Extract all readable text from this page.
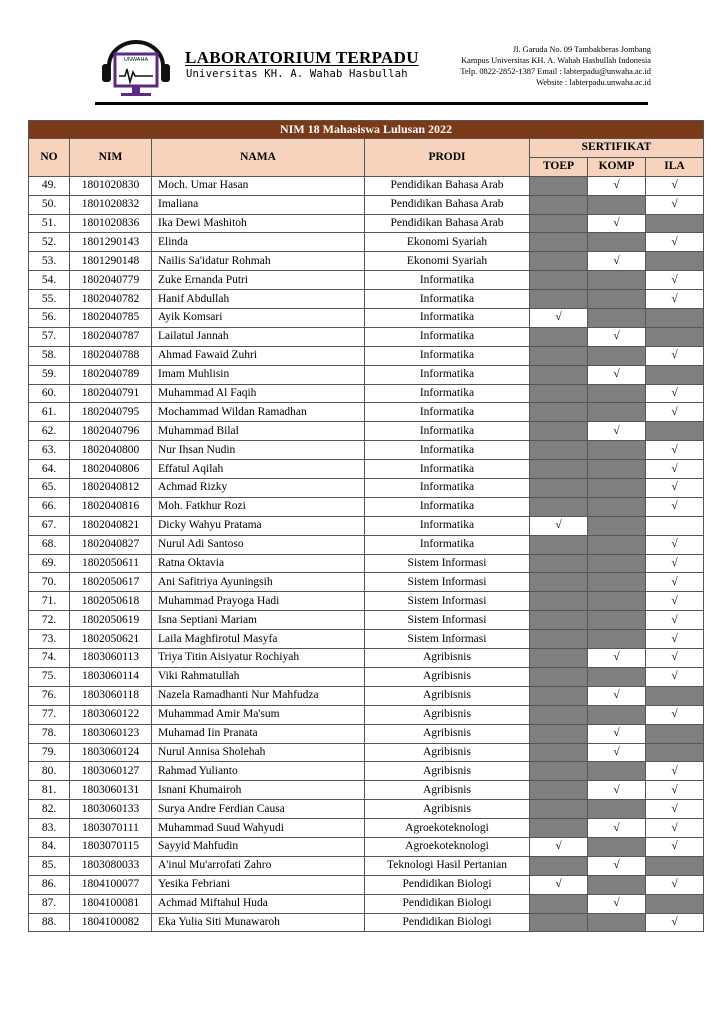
UNWAHA LABORATORIUM TERPADU
Universitas KH. A. Wahab Hasbullah
Jl. Garuda No. 09 Tambakberas Jombang
Kampus Universitas KH. A. Wahab Hasbullah Indonesia
Telp. 0822-2852-1387 Email : labterpadu@unwaha.ac.id
Website : labterpadu.unwaha.ac.id
NIM 18 Mahasiswa Lulusan 2022						
NO	NIM	NAMA	PRODI	SERTIFIKAT		
				TOEP	KOMP	ILA
49.	1801020830	Moch. Umar Hasan	Pendidikan Bahasa Arab		√	√
50.	1801020832	Imaliana	Pendidikan Bahasa Arab			√
51.	1801020836	Ika Dewi Mashitoh	Pendidikan Bahasa Arab		√	
52.	1801290143	Elinda	Ekonomi Syariah			√
53.	1801290148	Nailis Sa'idatur Rohmah	Ekonomi Syariah		√	
54.	1802040779	Zuke Ernanda Putri	Informatika			√
55.	1802040782	Hanif Abdullah	Informatika			√
56.	1802040785	Ayik Komsari	Informatika	√		
57.	1802040787	Lailatul Jannah	Informatika		√	
58.	1802040788	Ahmad Fawaid Zuhri	Informatika			√
59.	1802040789	Imam Muhlisin	Informatika		√	
60.	1802040791	Muhammad Al Faqih	Informatika			√
61.	1802040795	Mochammad Wildan Ramadhan	Informatika			√
62.	1802040796	Muhammad Bilal	Informatika		√	
63.	1802040800	Nur Ihsan Nudin	Informatika			√
64.	1802040806	Effatul Aqilah	Informatika			√
65.	1802040812	Achmad Rizky	Informatika			√
66.	1802040816	Moh. Fatkhur Rozi	Informatika			√
67.	1802040821	Dicky Wahyu Pratama	Informatika	√		
68.	1802040827	Nurul Adi Santoso	Informatika			√
69.	1802050611	Ratna Oktavia	Sistem Informasi			√
70.	1802050617	Ani Safitriya Ayuningsih	Sistem Informasi			√
71.	1802050618	Muhammad Prayoga Hadi	Sistem Informasi			√
72.	1802050619	Isna Septiani Mariam	Sistem Informasi			√
73.	1802050621	Laila Maghfirotul Masyfa	Sistem Informasi			√
74.	1803060113	Triya Titin Aisiyatur Rochiyah	Agribisnis		√	√
75.	1803060114	Viki Rahmatullah	Agribisnis			√
76.	1803060118	Nazela Ramadhanti Nur Mahfudza	Agribisnis		√	
77.	1803060122	Muhammad Amir Ma'sum	Agribisnis			√
78.	1803060123	Muhamad Iin Pranata	Agribisnis		√	
79.	1803060124	Nurul Annisa Sholehah	Agribisnis		√	
80.	1803060127	Rahmad Yulianto	Agribisnis			√
81.	1803060131	Isnani Khumairoh	Agribisnis		√	√
82.	1803060133	Surya Andre Ferdian Causa	Agribisnis			√
83.	1803070111	Muhammad Suud Wahyudi	Agroekoteknologi		√	√
84.	1803070115	Sayyid Mahfudin	Agroekoteknologi	√		√
85.	1803080033	A'inul Mu'arrofati Zahro	Teknologi Hasil Pertanian		√	
86.	1804100077	Yesika Febriani	Pendidikan Biologi	√		√
87.	1804100081	Achmad Miftahul Huda	Pendidikan Biologi		√	
88.	1804100082	Eka Yulia Siti Munawaroh	Pendidikan Biologi			√
